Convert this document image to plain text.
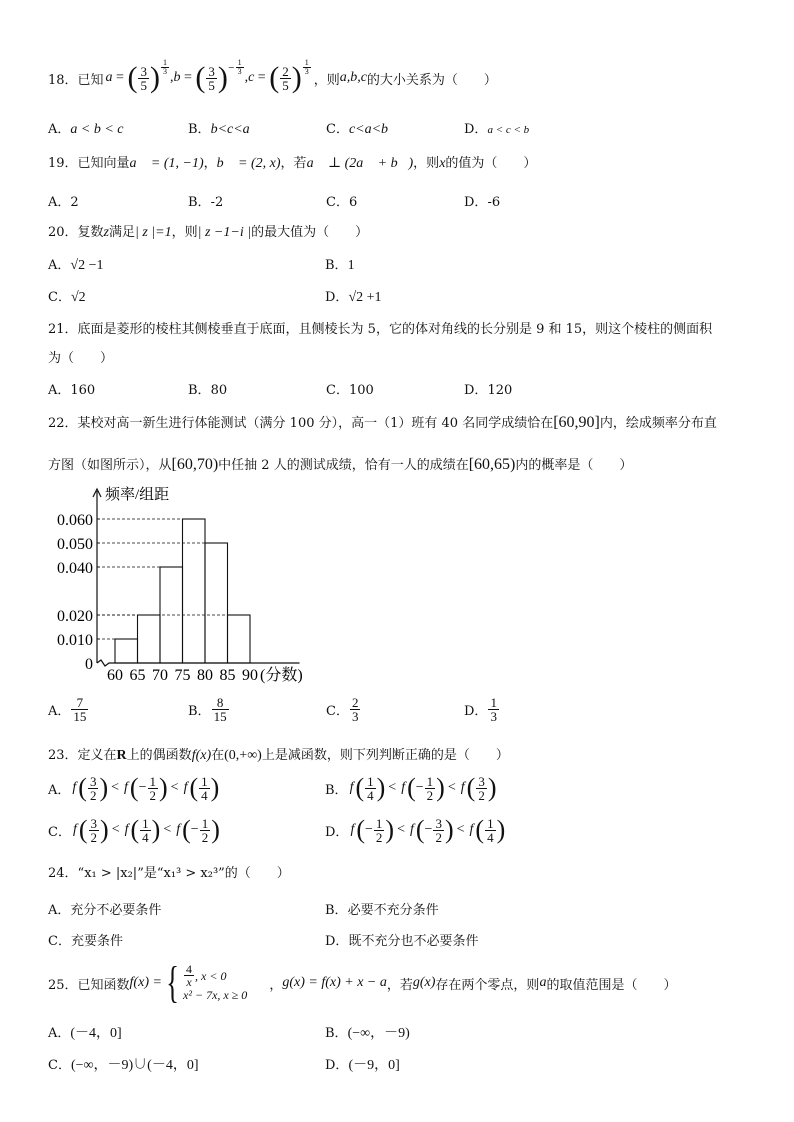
18．已知 a = ( $\frac{3}{5}$ ) $\frac{1}{3}$
, b = ( $\frac{3}{5}$ ) − $\frac{1}{3}$
, c = ( $\frac{2}{5}$ ) $\frac{1}{3}$
，则 a,b,c 的大小关系为（　　）
A．a < b < c	B．b<c<a	C．c<a<b	D．a < c < b
19．已知向量a⃗ = (1, −1)，b⃗ = (2, x)，若a⃗ ⊥ (2a⃗ + b⃗)，则x的值为（　　）
A．2	B．-2	C．6	D．-6
20．复数z满足| z |=1，则| z −1−i |的最大值为（　　）
A．√2 −1	B．1
C．√2	D．√2 +1
21．底面是菱形的棱柱其侧棱垂直于底面，且侧棱长为 5，它的体对角线的长分别是 9 和 15，则这个棱柱的侧面积
为（　　）
A．160	B．80	C．100	D．120
22．某校对高一新生进行体能测试（满分 100 分），高一（1）班有 40 名同学成绩恰在[60,90]内，绘成频率分布直
方图（如图所示），从[60,70)中任抽 2 人的测试成绩，恰有一人的成绩在[60,65)内的概率是（　　）
频率/组距
0.060
0.050
0.040
0.020
0.010
0
60 65 70 75 80 85 90 (分数)
A． $\frac{7}{15}$	B． $\frac{8}{15}$	C． $\frac{2}{3}$	D． $\frac{1}{3}$
23．定义在R上的偶函数f(x)在(0,+∞)上是减函数，则下列判断正确的是（　　）
A． f ( $\frac{3}{2}$ ) < f ( − $\frac{1}{2}$ ) < f ( $\frac{1}{4}$ )	B． f ( $\frac{1}{4}$ ) < f ( − $\frac{1}{2}$ ) < f ( $\frac{3}{2}$ )
C． f ( $\frac{3}{2}$ ) < f ( $\frac{1}{4}$ ) < f ( − $\frac{1}{2}$ )	D． f ( − $\frac{1}{2}$ ) < f ( − $\frac{3}{2}$ ) < f ( $\frac{1}{4}$ )
24．“x₁ > |x₂|”是“x₁³ > x₂³”的（　　）
A．充分不必要条件	B．必要不充分条件
C．充要条件	D．既不充分也不必要条件
25．已知函数 f(x) = { $\frac{4}{x}$ , x < 0
x² − 7x, x ≥ 0
， g(x) = f(x) + x − a ，若 g(x) 存在两个零点，则 a 的取值范围是（　　）
A．(－4，0]	B．(−∞，－9)
C．(−∞，－9)∪(－4，0]	D．(－9，0]
